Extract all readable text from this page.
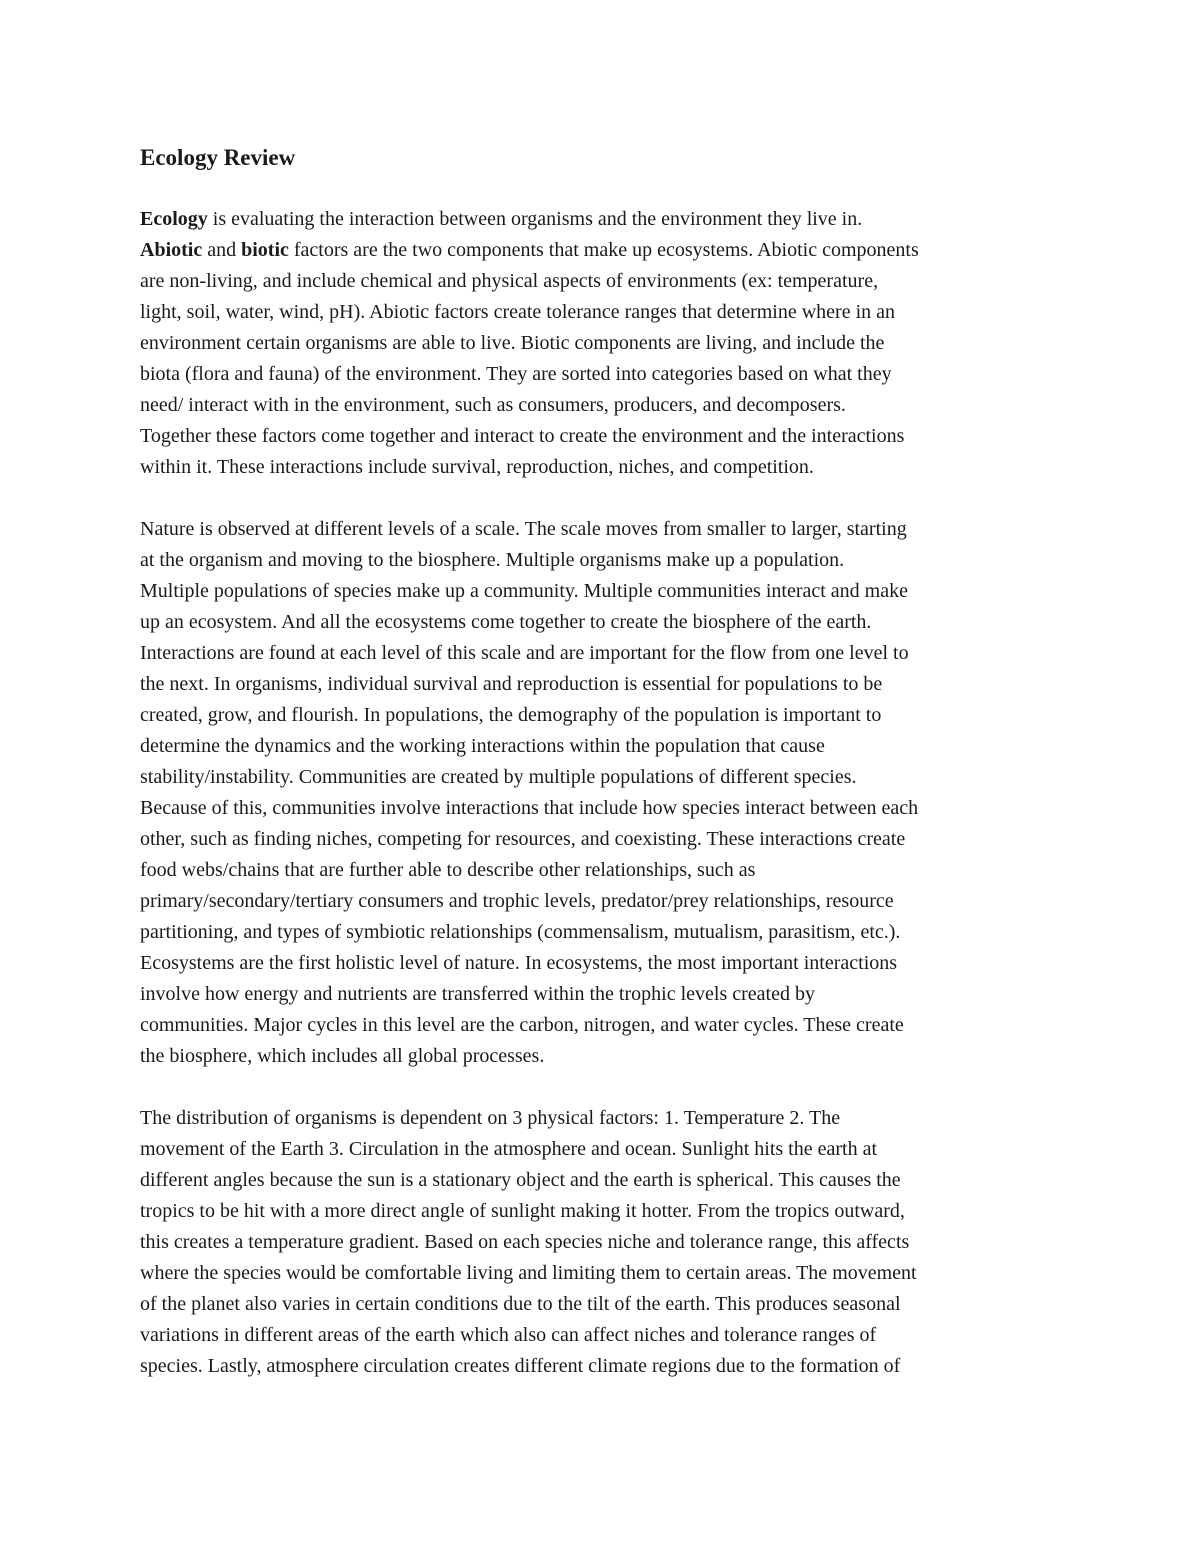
Ecology Review
Ecology is evaluating the interaction between organisms and the environment they live in.
Abiotic and biotic factors are the two components that make up ecosystems. Abiotic components
are non-living, and include chemical and physical aspects of environments (ex: temperature,
light, soil, water, wind, pH). Abiotic factors create tolerance ranges that determine where in an
environment certain organisms are able to live. Biotic components are living, and include the
biota (flora and fauna) of the environment. They are sorted into categories based on what they
need/ interact with in the environment, such as consumers, producers, and decomposers.
Together these factors come together and interact to create the environment and the interactions
within it. These interactions include survival, reproduction, niches, and competition.
Nature is observed at different levels of a scale. The scale moves from smaller to larger, starting
at the organism and moving to the biosphere. Multiple organisms make up a population.
Multiple populations of species make up a community. Multiple communities interact and make
up an ecosystem. And all the ecosystems come together to create the biosphere of the earth.
Interactions are found at each level of this scale and are important for the flow from one level to
the next. In organisms, individual survival and reproduction is essential for populations to be
created, grow, and flourish. In populations, the demography of the population is important to
determine the dynamics and the working interactions within the population that cause
stability/instability. Communities are created by multiple populations of different species.
Because of this, communities involve interactions that include how species interact between each
other, such as finding niches, competing for resources, and coexisting. These interactions create
food webs/chains that are further able to describe other relationships, such as
primary/secondary/tertiary consumers and trophic levels, predator/prey relationships, resource
partitioning, and types of symbiotic relationships (commensalism, mutualism, parasitism, etc.).
Ecosystems are the first holistic level of nature. In ecosystems, the most important interactions
involve how energy and nutrients are transferred within the trophic levels created by
communities. Major cycles in this level are the carbon, nitrogen, and water cycles. These create
the biosphere, which includes all global processes.
The distribution of organisms is dependent on 3 physical factors: 1. Temperature 2. The
movement of the Earth 3. Circulation in the atmosphere and ocean. Sunlight hits the earth at
different angles because the sun is a stationary object and the earth is spherical. This causes the
tropics to be hit with a more direct angle of sunlight making it hotter. From the tropics outward,
this creates a temperature gradient. Based on each species niche and tolerance range, this affects
where the species would be comfortable living and limiting them to certain areas. The movement
of the planet also varies in certain conditions due to the tilt of the earth. This produces seasonal
variations in different areas of the earth which also can affect niches and tolerance ranges of
species. Lastly, atmosphere circulation creates different climate regions due to the formation of
